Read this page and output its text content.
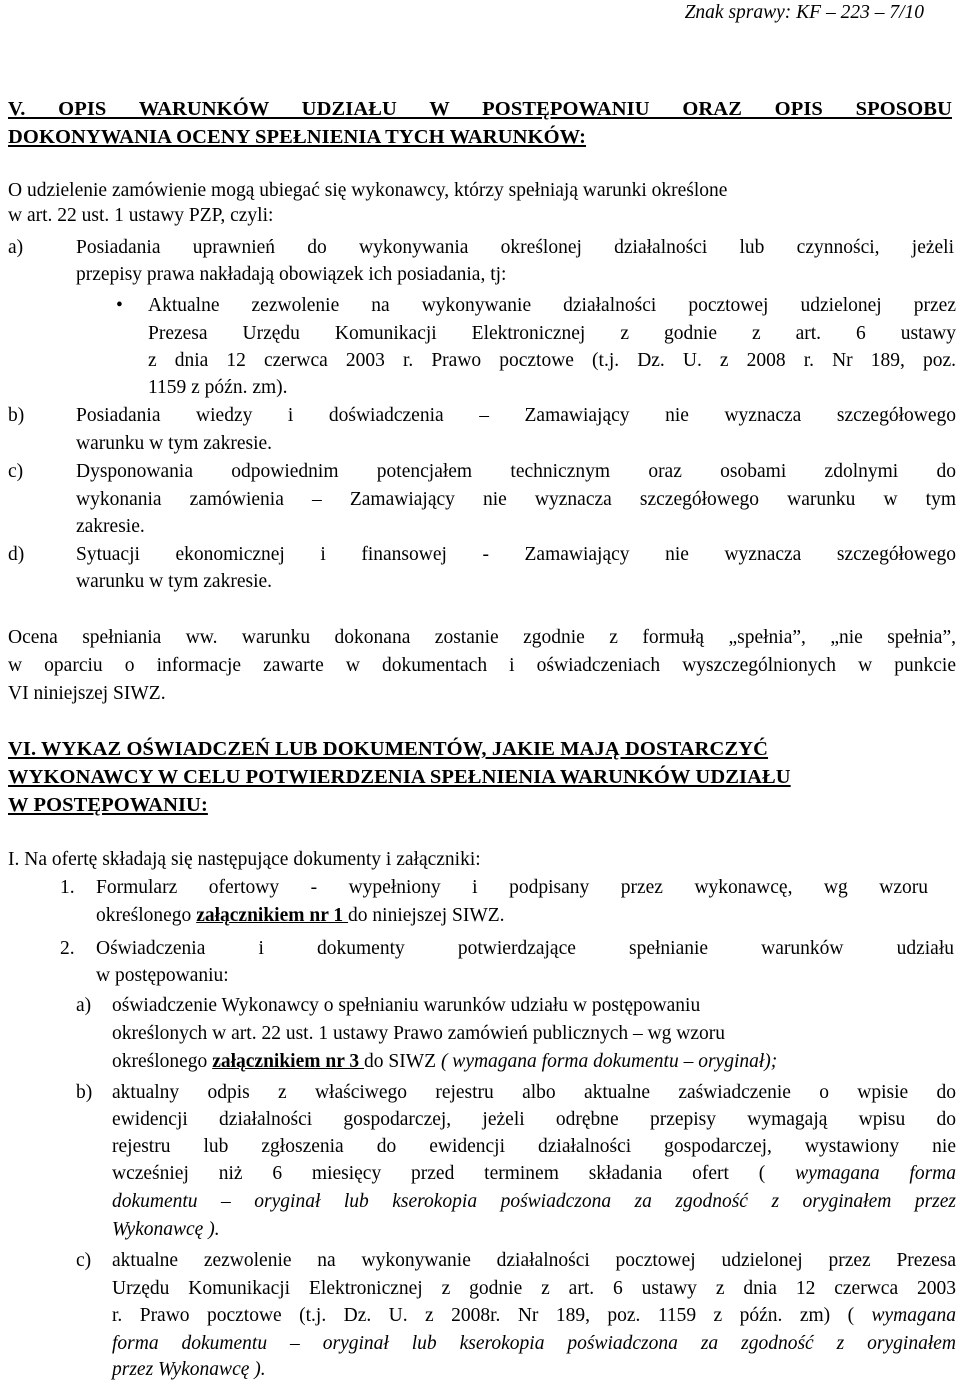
Znak sprawy: KF – 223 – 7/10
V. OPIS WARUNKÓW UDZIAŁU W POSTĘPOWANIU ORAZ OPIS SPOSOBU
DOKONYWANIA OCENY SPEŁNIENIA TYCH WARUNKÓW:
O udzielenie zamówienie mogą ubiegać się wykonawcy, którzy spełniają warunki określone
w art. 22 ust. 1 ustawy PZP, czyli:
a)	Posiadania uprawnień do wykonywania określonej działalności lub czynności, jeżeli
przepisy prawa nakładają obowiązek ich posiadania, tj:
• Aktualne zezwolenie na wykonywanie działalności pocztowej udzielonej przez
Prezesa Urzędu Komunikacji Elektronicznej z godnie z art. 6 ustawy
z dnia 12 czerwca 2003 r. Prawo pocztowe (t.j. Dz. U. z 2008 r. Nr 189, poz.
1159 z późn. zm).
b)	Posiadania wiedzy i doświadczenia – Zamawiający nie wyznacza szczegółowego
warunku w tym zakresie.
c)	Dysponowania odpowiednim potencjałem technicznym oraz osobami zdolnymi do
wykonania zamówienia – Zamawiający nie wyznacza szczegółowego warunku w tym
zakresie.
d)	Sytuacji ekonomicznej i finansowej - Zamawiający nie wyznacza szczegółowego
warunku w tym zakresie.
Ocena spełniania ww. warunku dokonana zostanie zgodnie z formułą „spełnia”, „nie spełnia”,
w oparciu o informacje zawarte w dokumentach i oświadczeniach wyszczególnionych w punkcie
VI niniejszej SIWZ.
VI. WYKAZ OŚWIADCZEŃ LUB DOKUMENTÓW, JAKIE MAJĄ DOSTARCZYĆ
WYKONAWCY W CELU POTWIERDZENIA SPEŁNIENIA WARUNKÓW UDZIAŁU
W POSTĘPOWANIU:
I. Na ofertę składają się następujące dokumenty i załączniki:
1. Formularz ofertowy - wypełniony i podpisany przez wykonawcę, wg wzoru
określonego załącznikiem nr 1 do niniejszej SIWZ.
2. Oświadczenia i dokumenty potwierdzające spełnianie warunków udziału
w postępowaniu:
a) oświadczenie Wykonawcy o spełnianiu warunków udziału w postępowaniu
określonych w art. 22 ust. 1 ustawy Prawo zamówień publicznych – wg wzoru
określonego załącznikiem nr 3 do SIWZ ( wymagana forma dokumentu – oryginał);
b) aktualny odpis z właściwego rejestru albo aktualne zaświadczenie o wpisie do
ewidencji działalności gospodarczej, jeżeli odrębne przepisy wymagają wpisu do
rejestru lub zgłoszenia do ewidencji działalności gospodarczej, wystawiony nie
wcześniej niż 6 miesięcy przed terminem składania ofert ( wymagana forma
dokumentu – oryginał lub kserokopia poświadczona za zgodność z oryginałem przez
Wykonawcę ).
c) aktualne zezwolenie na wykonywanie działalności pocztowej udzielonej przez Prezesa
Urzędu Komunikacji Elektronicznej z godnie z art. 6 ustawy z dnia 12 czerwca 2003
r. Prawo pocztowe (t.j. Dz. U. z 2008r. Nr 189, poz. 1159 z późn. zm) ( wymagana
forma dokumentu – oryginał lub kserokopia poświadczona za zgodność z oryginałem
przez Wykonawcę ).
